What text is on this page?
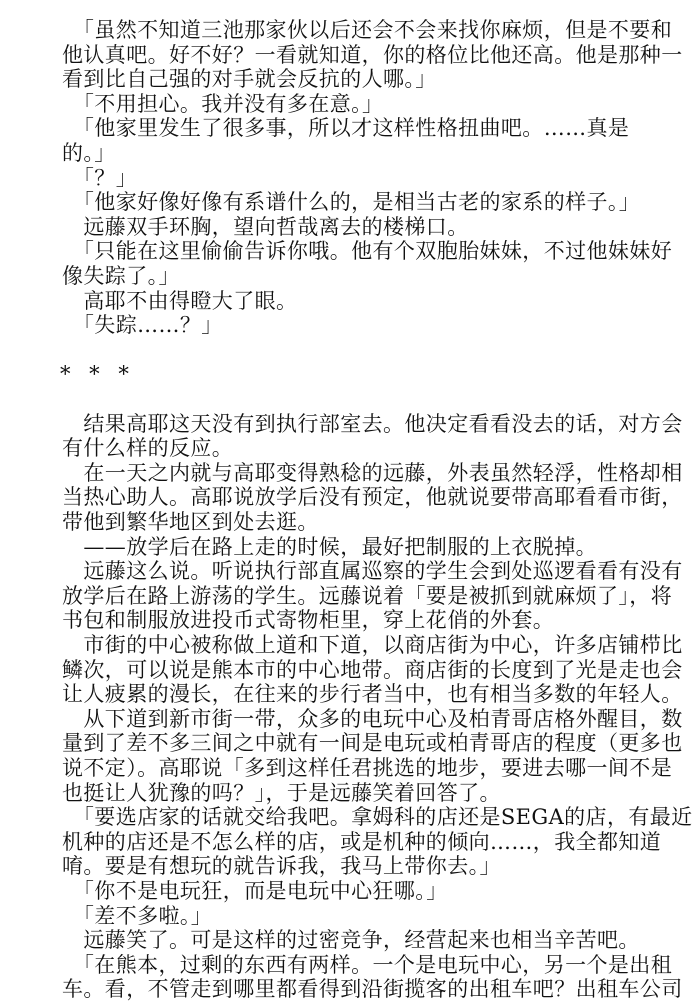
　「虽然不知道三池那家伙以后还会不会来找你麻烦，但是不要和
他认真吧。好不好？一看就知道，你的格位比他还高。他是那种一
看到比自己强的对手就会反抗的人哪。」
　「不用担心。我并没有多在意。」
　「他家里发生了很多事，所以才这样性格扭曲吧。……真是
的。」
　「？」
　「他家好像好像有系谱什么的，是相当古老的家系的样子。」
　远藤双手环胸，望向哲哉离去的楼梯口。
　「只能在这里偷偷告诉你哦。他有个双胞胎妹妹，不过他妹妹好
像失踪了。」
　高耶不由得瞪大了眼。
　「失踪……？」
* * *
　结果高耶这天没有到执行部室去。他决定看看没去的话，对方会
有什么样的反应。
　在一天之内就与高耶变得熟稔的远藤，外表虽然轻浮，性格却相
当热心助人。高耶说放学后没有预定，他就说要带高耶看看市街，
带他到繁华地区到处去逛。
　——放学后在路上走的时候，最好把制服的上衣脱掉。
　远藤这么说。听说执行部直属巡察的学生会到处巡逻看看有没有
放学后在路上游荡的学生。远藤说着「要是被抓到就麻烦了」，将
书包和制服放进投币式寄物柜里，穿上花俏的外套。
　市街的中心被称做上道和下道，以商店街为中心，许多店铺栉比
鳞次，可以说是熊本市的中心地带。商店街的长度到了光是走也会
让人疲累的漫长，在往来的步行者当中，也有相当多数的年轻人。
　从下道到新市街一带，众多的电玩中心及柏青哥店格外醒目，数
量到了差不多三间之中就有一间是电玩或柏青哥店的程度（更多也
说不定）。高耶说「多到这样任君挑选的地步，要进去哪一间不是
也挺让人犹豫的吗？」，于是远藤笑着回答了。
　「要选店家的话就交给我吧。拿姆科的店还是SEGA的店，有最近
机种的店还是不怎么样的店，或是机种的倾向……，我全都知道
唷。要是有想玩的就告诉我，我马上带你去。」
　「你不是电玩狂，而是电玩中心狂哪。」
　「差不多啦。」
　远藤笑了。可是这样的过密竞争，经营起来也相当辛苦吧。
　「在熊本，过剩的东西有两样。一个是电玩中心，另一个是出租
车。看，不管走到哪里都看得到沿街揽客的出租车吧？出租车公司
